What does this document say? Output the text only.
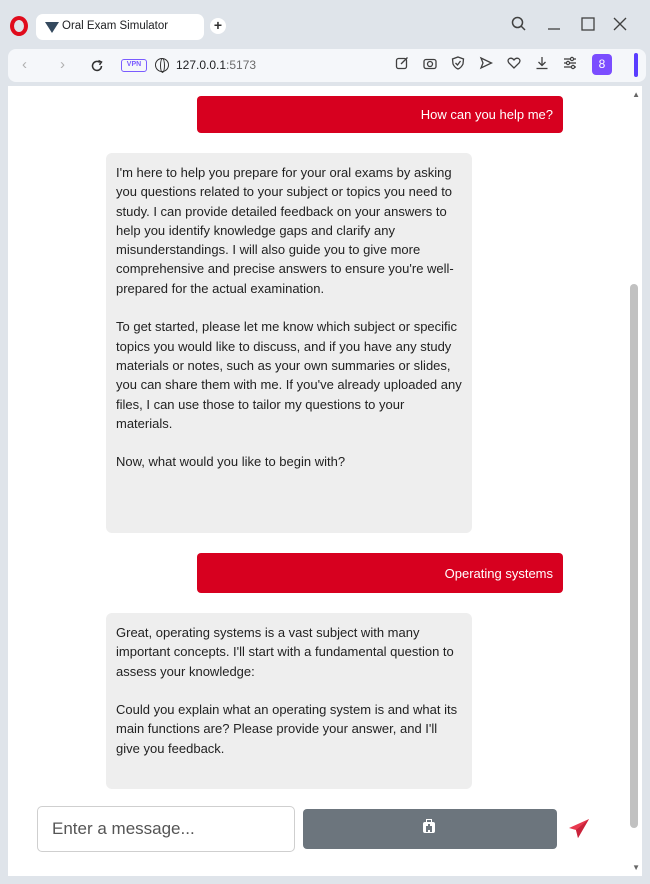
Oral Exam Simulator	+
‹ ›	VPN	127.0.0.1:5173	8
How can you help me?

I'm here to help you prepare for your oral exams by asking you questions related to your subject or topics you need to study. I can provide detailed feedback on your answers to help you identify knowledge gaps and clarify any misunderstandings. I will also guide you to give more comprehensive and precise answers to ensure you're well-prepared for the actual examination.

To get started, please let me know which subject or specific topics you would like to discuss, and if you have any study materials or notes, such as your own summaries or slides, you can share them with me. If you've already uploaded any files, I can use those to tailor my questions to your materials.

Now, what would you like to begin with?

Operating systems

Great, operating systems is a vast subject with many important concepts. I'll start with a fundamental question to assess your knowledge:

Could you explain what an operating system is and what its main functions are? Please provide your answer, and I'll give you feedback.

Enter a message...
▲
▼
